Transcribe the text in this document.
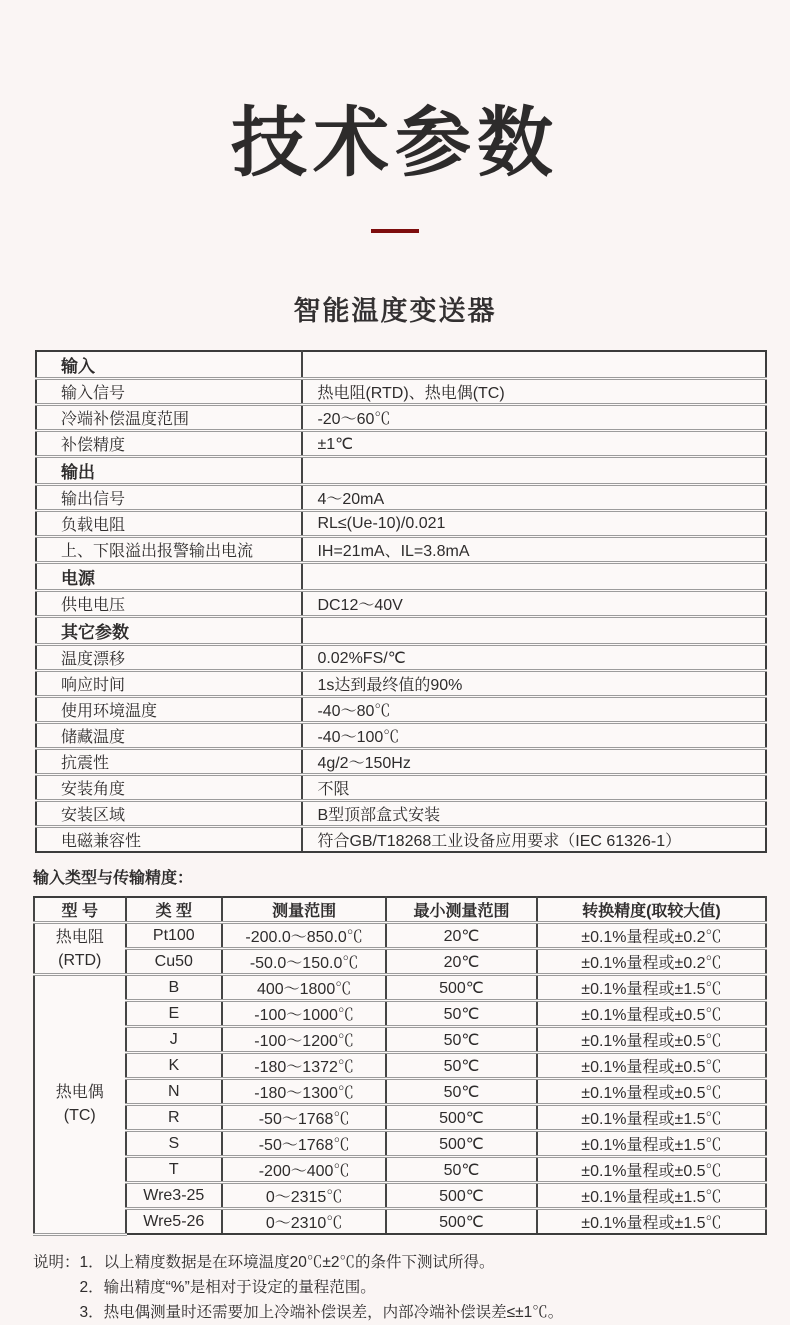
技术参数
智能温度变送器
输入	
输入信号	热电阻(RTD)、热电偶(TC)
冷端补偿温度范围	-20～60℃
补偿精度	±1℃
输出	
输出信号	4～20mA
负载电阻	RL≤(Ue-10)/0.021
上、下限溢出报警输出电流	IH=21mA、IL=3.8mA
电源	
供电电压	DC12～40V
其它参数	
温度漂移	0.02%FS/℃
响应时间	1s达到最终值的90%
使用环境温度	-40～80℃
储藏温度	-40～100℃
抗震性	4g/2～150Hz
安装角度	不限
安装区域	B型顶部盒式安装
电磁兼容性	符合GB/T18268工业设备应用要求（IEC 61326-1）
输入类型与传输精度：
型 号	类 型	测量范围	最小测量范围	转换精度(取较大值)

热电阻
(RTD)	Pt100	-200.0～850.0℃	20℃	±0.1%量程或±0.2℃
	Cu50	-50.0～150.0℃	20℃	±0.1%量程或±0.2℃

热电偶
(TC)	B	400～1800℃	500℃	±0.1%量程或±1.5℃
	E	-100～1000℃	50℃	±0.1%量程或±0.5℃
	J	-100～1200℃	50℃	±0.1%量程或±0.5℃
	K	-180～1372℃	50℃	±0.1%量程或±0.5℃
	N	-180～1300℃	50℃	±0.1%量程或±0.5℃
	R	-50～1768℃	500℃	±0.1%量程或±1.5℃
	S	-50～1768℃	500℃	±0.1%量程或±1.5℃
	T	-200～400℃	50℃	±0.1%量程或±0.5℃
	Wre3-25	0～2315℃	500℃	±0.1%量程或±1.5℃
	Wre5-26	0～2310℃	500℃	±0.1%量程或±1.5℃
说明： 1．以上精度数据是在环境温度20℃±2℃的条件下测试所得。
2．输出精度“%”是相对于设定的量程范围。
3．热电偶测量时还需要加上冷端补偿误差，内部冷端补偿误差≤±1℃。
